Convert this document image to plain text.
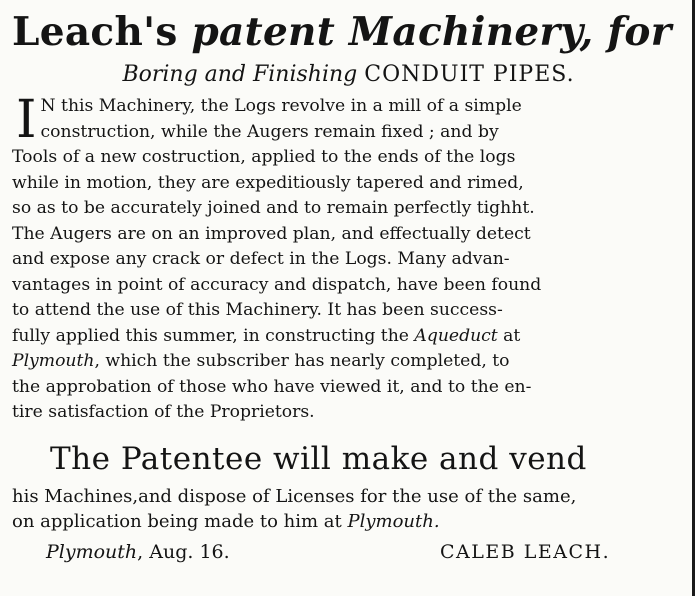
Leach's patent Machinery, for
Boring and Finishing CONDUIT PIPES.
I N this Machinery, the Logs revolve in a mill of a simple
construction, while the Augers remain fixed ; and by
Tools of a new costruction, applied to the ends of the logs
while in motion, they are expeditiously tapered and rimed,
so as to be accurately joined and to remain perfectly tighht.
The Augers are on an improved plan, and effectually detect
and expose any crack or defect in the Logs. Many advan-
vantages in point of accuracy and dispatch, have been found
to attend the use of this Machinery. It has been success-
fully applied this summer, in constructing the Aqueduct at
Plymouth, which the subscriber has nearly completed, to
the approbation of those who have viewed it, and to the en-
tire satisfaction of the Proprietors.
The Patentee will make and vend
his Machines,and dispose of Licenses for the use of the same,
on application being made to him at Plymouth.
Plymouth, Aug. 16.	CALEB LEACH.
